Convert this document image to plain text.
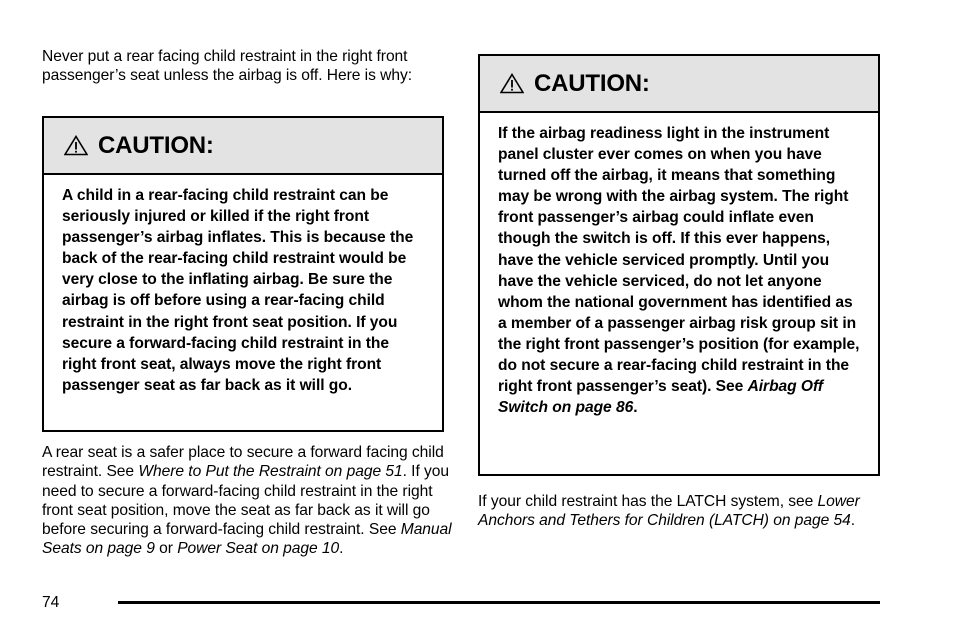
Never put a rear facing child restraint in the right front passenger’s seat unless the airbag is off. Here is why:

CAUTION:
A child in a rear-facing child restraint can be seriously injured or killed if the right front passenger’s airbag inflates. This is because the back of the rear-facing child restraint would be very close to the inflating airbag. Be sure the airbag is off before using a rear-facing child restraint in the right front seat position. If you secure a forward-facing child restraint in the right front seat, always move the right front passenger seat as far back as it will go.

A rear seat is a safer place to secure a forward facing child restraint. See Where to Put the Restraint on page 51. If you need to secure a forward-facing child restraint in the right front seat position, move the seat as far back as it will go before securing a forward-facing child restraint. See Manual Seats on page 9 or Power Seat on page 10.

CAUTION:
If the airbag readiness light in the instrument panel cluster ever comes on when you have turned off the airbag, it means that something may be wrong with the airbag system. The right front passenger’s airbag could inflate even though the switch is off. If this ever happens, have the vehicle serviced promptly. Until you have the vehicle serviced, do not let anyone whom the national government has identified as a member of a passenger airbag risk group sit in the right front passenger’s position (for example, do not secure a rear-facing child restraint in the right front passenger’s seat). See Airbag Off Switch on page 86.

If your child restraint has the LATCH system, see Lower Anchors and Tethers for Children (LATCH) on page 54.

74
